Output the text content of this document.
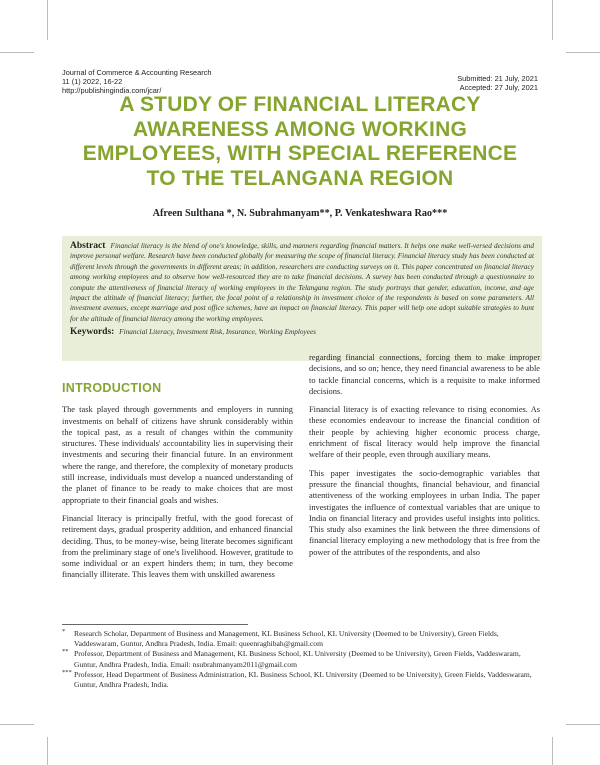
Journal of Commerce & Accounting Research
11 (1) 2022, 16-22
http://publishingindia.com/jcar/
Submitted: 21 July, 2021
Accepted: 27 July, 2021
A STUDY OF FINANCIAL LITERACY
AWARENESS AMONG WORKING
EMPLOYEES, WITH SPECIAL REFERENCE
TO THE TELANGANA REGION
Afreen Sulthana *, N. Subrahmanyam**, P. Venkateshwara Rao***
Abstract Financial literacy is the blend of one's knowledge, skills, and manners regarding financial matters. It helps one make well-versed decisions and improve personal welfare. Research have been conducted globally for measuring the scope of financial literacy. Financial literacy study has been conducted at different levels through the governments in different areas; in addition, researchers are conducting surveys on it. This paper concentrated on financial literacy among working employees and to observe how well-resourced they are to take financial decisions. A survey has been conducted through a questionnaire to compute the attentiveness of financial literacy of working employees in the Telangana region. The study portrays that gender, education, income, and age impact the altitude of financial literacy; further, the focal point of a relationship in investment choice of the respondents is based on some parameters. All investment avenues, except marriage and post office schemes, have an impact on financial literacy. This paper will help one adopt suitable strategies to hunt for the altitude of financial literacy among the working employees.
Keywords: Financial Literacy, Investment Risk, Insurance, Working Employees
INTRODUCTION

The task played through governments and employers in running investments on behalf of citizens have shrunk considerably within the topical past, as a result of changes within the community structures. These individuals' accountability lies in supervising their investments and securing their financial future. In an environment where the range, and therefore, the complexity of monetary products still increase, individuals must develop a nuanced understanding of the planet of finance to be ready to make choices that are most appropriate to their financial goals and wishes.

Financial literacy is principally fretful, with the good forecast of retirement days, gradual prosperity addition, and enhanced financial deciding. Thus, to be money-wise, being literate becomes significant from the preliminary stage of one's livelihood. However, gratitude to some individual or an expert hinders them; in turn, they become financially illiterate. This leaves them with unskilled awareness

regarding financial connections, forcing them to make improper decisions, and so on; hence, they need financial awareness to be able to tackle financial concerns, which is a requisite to make informed decisions.

Financial literacy is of exacting relevance to rising economies. As these economies endeavour to increase the financial condition of their people by achieving higher economic process charge, enrichment of fiscal literacy would help improve the financial welfare of their people, even through auxiliary means.

This paper investigates the socio-demographic variables that pressure the financial thoughts, financial behaviour, and financial attentiveness of the working employees in urban India. The paper investigates the influence of contextual variables that are unique to India on financial literacy and provides useful insights into politics. This study also examines the link between the three dimensions of financial literacy employing a new methodology that is free from the power of the attributes of the respondents, and also

* Research Scholar, Department of Business and Management, KL Business School, KL University (Deemed to be University), Green Fields, Vaddeswaram, Guntur, Andhra Pradesh, India. Email: queenraghibah@gmail.com
** Professor, Department of Business and Management, KL Business School, KL University (Deemed to be University), Green Fields, Vaddeswaram, Guntur, Andhra Pradesh, India. Email: nsubrahmanyam2011@gmail.com
*** Professor, Head Department of Business Administration, KL Business School, KL University (Deemed to be University), Green Fields, Vaddeswaram, Guntur, Andhra Pradesh, India.
